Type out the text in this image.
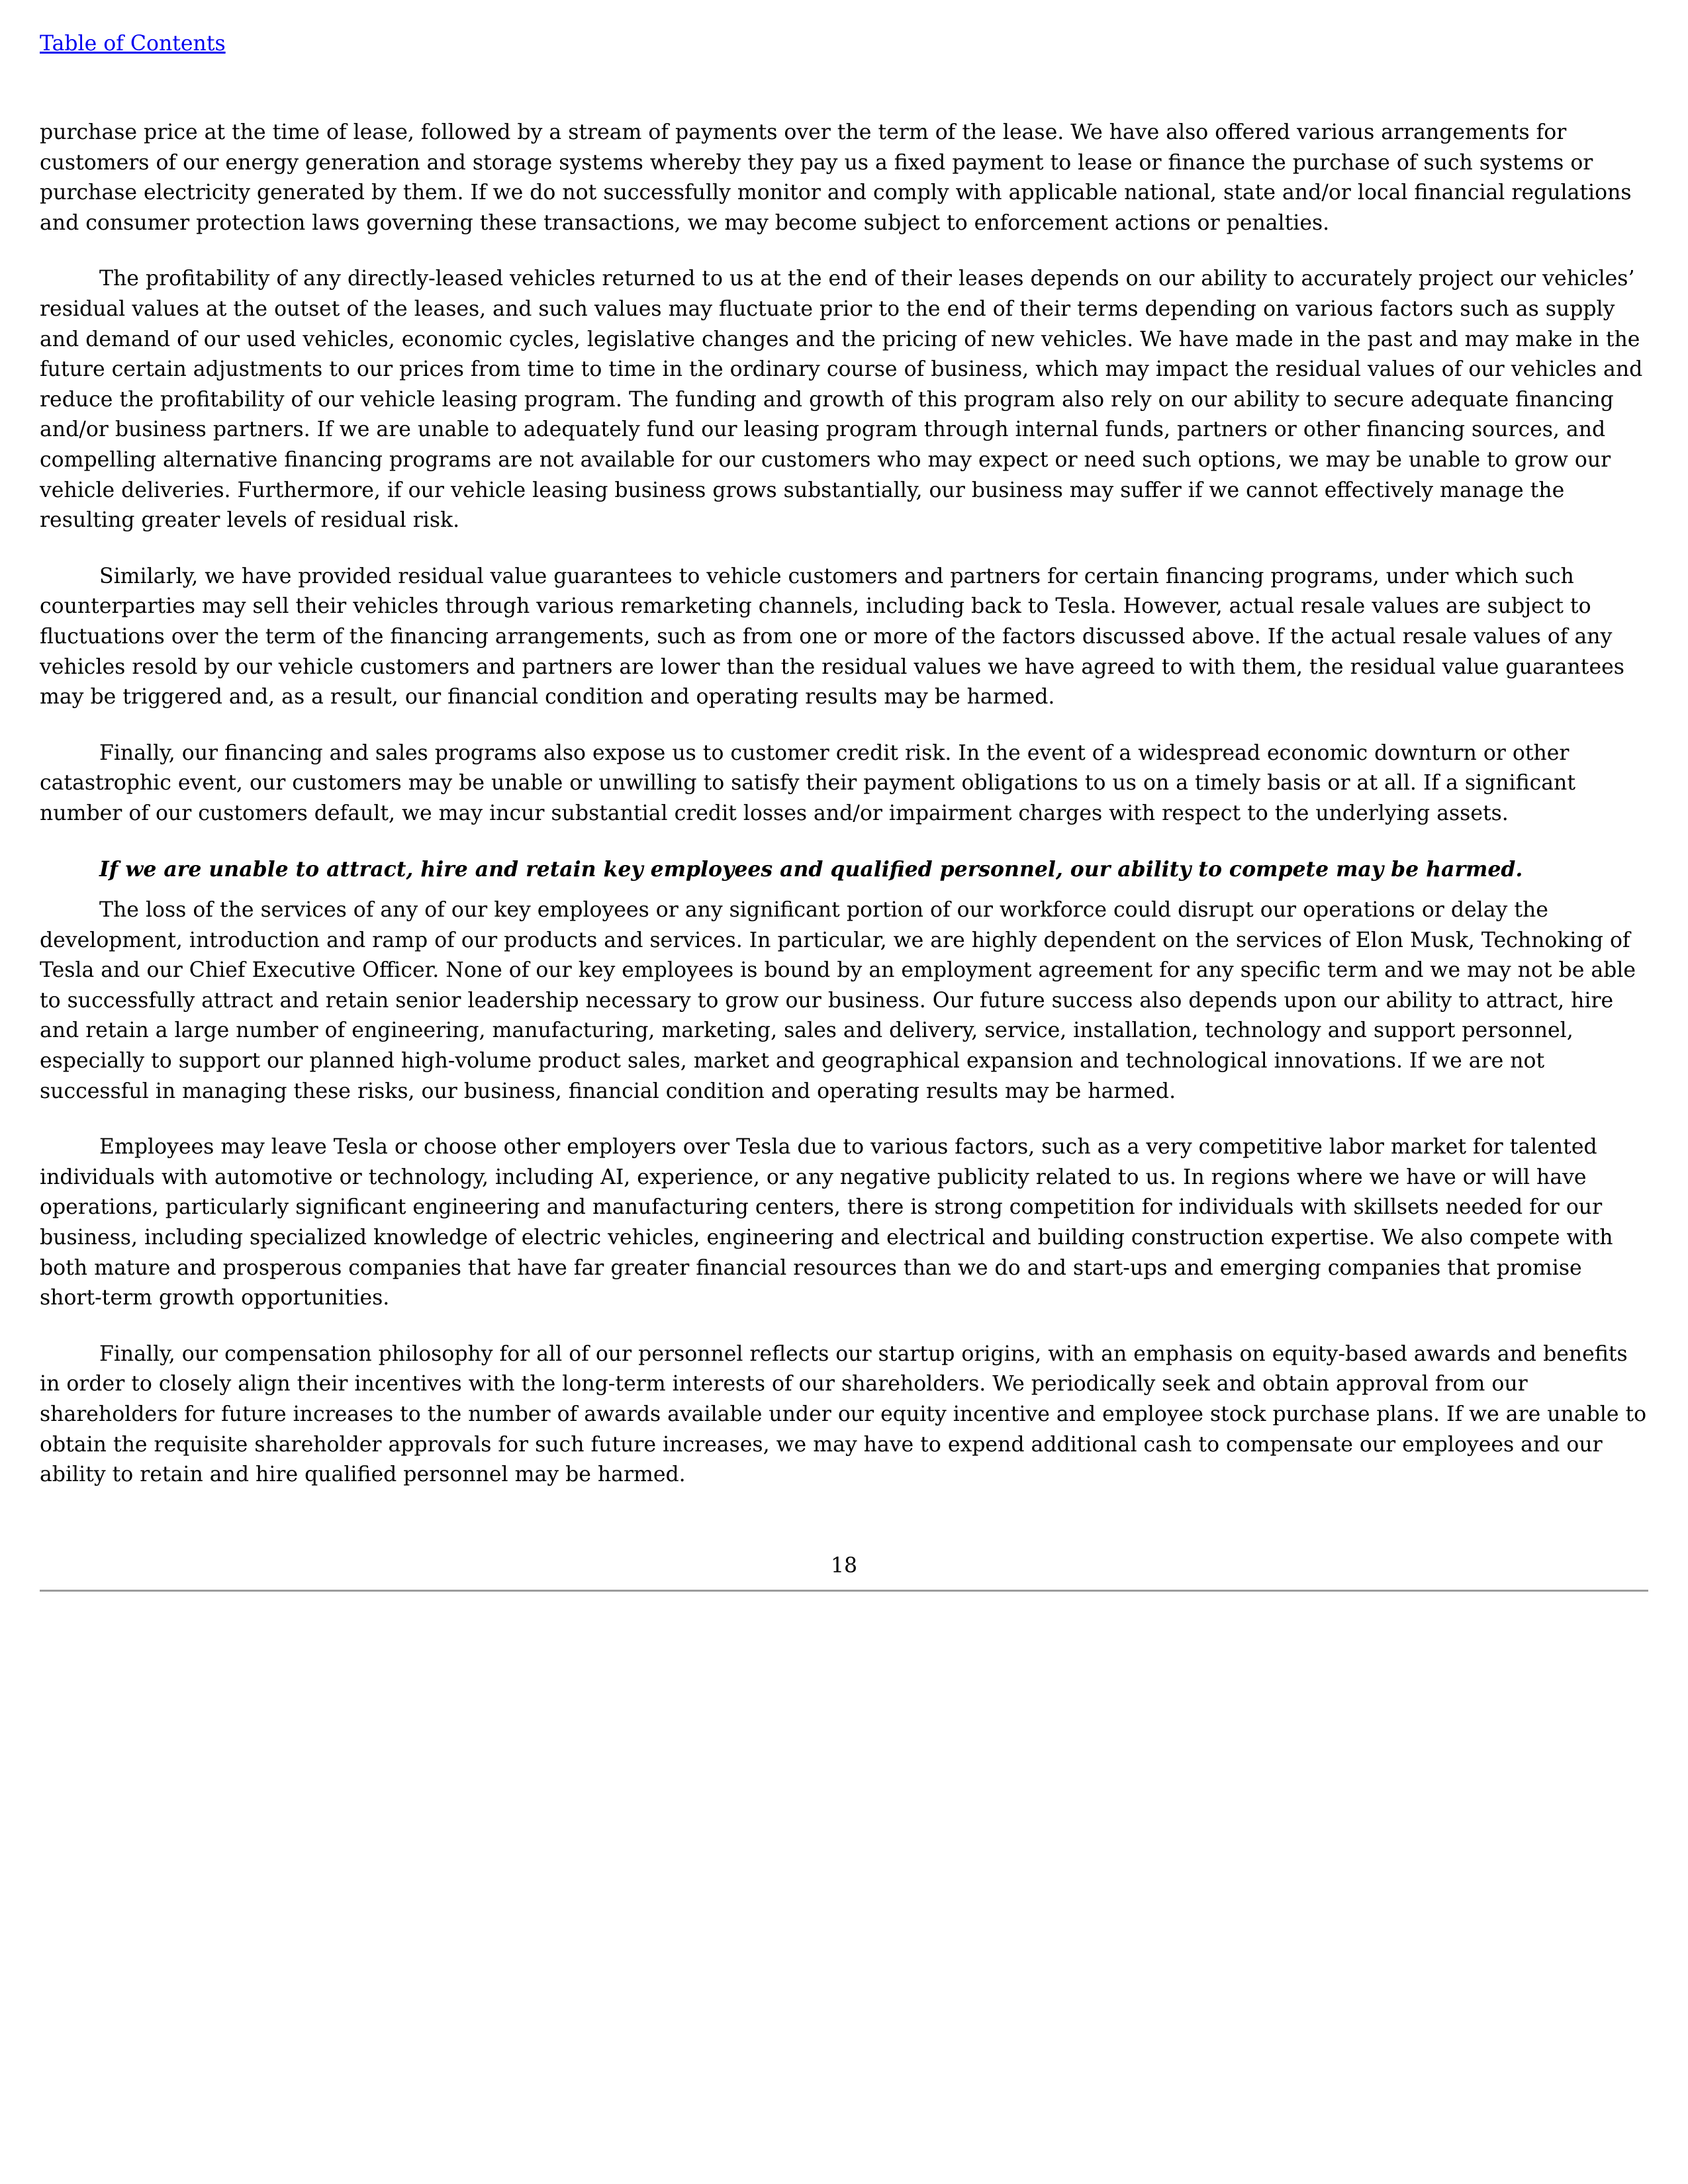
Table of Contents

purchase price at the time of lease, followed by a stream of payments over the term of the lease. We have also offered various arrangements for customers of our energy generation and storage systems whereby they pay us a fixed payment to lease or finance the purchase of such systems or purchase electricity generated by them. If we do not successfully monitor and comply with applicable national, state and/or local financial regulations and consumer protection laws governing these transactions, we may become subject to enforcement actions or penalties.

The profitability of any directly-leased vehicles returned to us at the end of their leases depends on our ability to accurately project our vehicles’ residual values at the outset of the leases, and such values may fluctuate prior to the end of their terms depending on various factors such as supply and demand of our used vehicles, economic cycles, legislative changes and the pricing of new vehicles. We have made in the past and may make in the future certain adjustments to our prices from time to time in the ordinary course of business, which may impact the residual values of our vehicles and reduce the profitability of our vehicle leasing program. The funding and growth of this program also rely on our ability to secure adequate financing and/or business partners. If we are unable to adequately fund our leasing program through internal funds, partners or other financing sources, and compelling alternative financing programs are not available for our customers who may expect or need such options, we may be unable to grow our vehicle deliveries. Furthermore, if our vehicle leasing business grows substantially, our business may suffer if we cannot effectively manage the resulting greater levels of residual risk.

Similarly, we have provided residual value guarantees to vehicle customers and partners for certain financing programs, under which such counterparties may sell their vehicles through various remarketing channels, including back to Tesla. However, actual resale values are subject to fluctuations over the term of the financing arrangements, such as from one or more of the factors discussed above. If the actual resale values of any vehicles resold by our vehicle customers and partners are lower than the residual values we have agreed to with them, the residual value guarantees may be triggered and, as a result, our financial condition and operating results may be harmed.

Finally, our financing and sales programs also expose us to customer credit risk. In the event of a widespread economic downturn or other catastrophic event, our customers may be unable or unwilling to satisfy their payment obligations to us on a timely basis or at all. If a significant number of our customers default, we may incur substantial credit losses and/or impairment charges with respect to the underlying assets.

If we are unable to attract, hire and retain key employees and qualified personnel, our ability to compete may be harmed.

The loss of the services of any of our key employees or any significant portion of our workforce could disrupt our operations or delay the development, introduction and ramp of our products and services. In particular, we are highly dependent on the services of Elon Musk, Technoking of Tesla and our Chief Executive Officer. None of our key employees is bound by an employment agreement for any specific term and we may not be able to successfully attract and retain senior leadership necessary to grow our business. Our future success also depends upon our ability to attract, hire and retain a large number of engineering, manufacturing, marketing, sales and delivery, service, installation, technology and support personnel, especially to support our planned high-volume product sales, market and geographical expansion and technological innovations. If we are not successful in managing these risks, our business, financial condition and operating results may be harmed.

Employees may leave Tesla or choose other employers over Tesla due to various factors, such as a very competitive labor market for talented individuals with automotive or technology, including AI, experience, or any negative publicity related to us. In regions where we have or will have operations, particularly significant engineering and manufacturing centers, there is strong competition for individuals with skillsets needed for our business, including specialized knowledge of electric vehicles, engineering and electrical and building construction expertise. We also compete with both mature and prosperous companies that have far greater financial resources than we do and start-ups and emerging companies that promise short-term growth opportunities.

Finally, our compensation philosophy for all of our personnel reflects our startup origins, with an emphasis on equity-based awards and benefits in order to closely align their incentives with the long-term interests of our shareholders. We periodically seek and obtain approval from our shareholders for future increases to the number of awards available under our equity incentive and employee stock purchase plans. If we are unable to obtain the requisite shareholder approvals for such future increases, we may have to expend additional cash to compensate our employees and our ability to retain and hire qualified personnel may be harmed.

18
